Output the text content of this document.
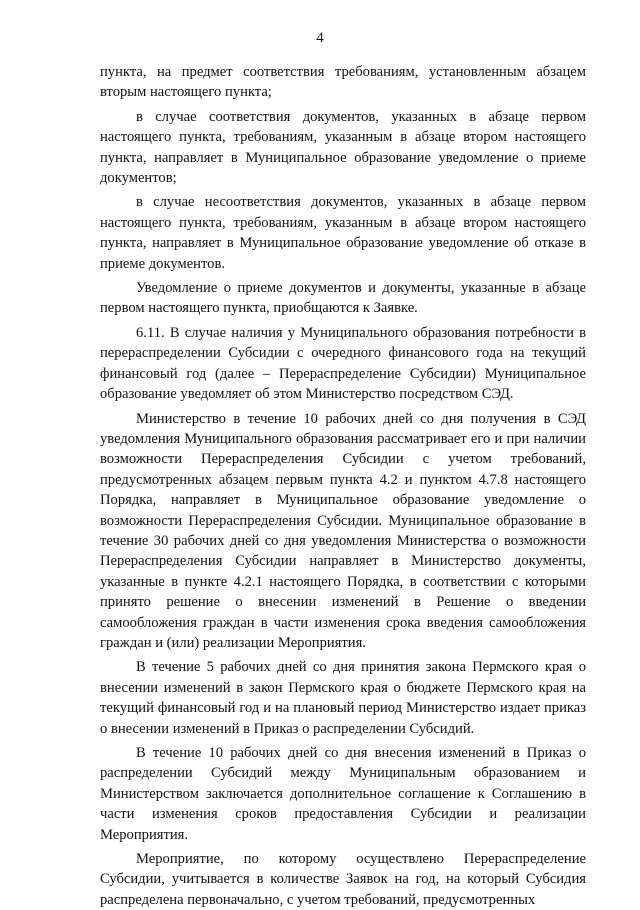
4

пункта, на предмет соответствия требованиям, установленным абзацем вторым настоящего пункта;

в случае соответствия документов, указанных в абзаце первом настоящего пункта, требованиям, указанным в абзаце втором настоящего пункта, направляет в Муниципальное образование уведомление о приеме документов;

в случае несоответствия документов, указанных в абзаце первом настоящего пункта, требованиям, указанным в абзаце втором настоящего пункта, направляет в Муниципальное образование уведомление об отказе в приеме документов.

Уведомление о приеме документов и документы, указанные в абзаце первом настоящего пункта, приобщаются к Заявке.

6.11. В случае наличия у Муниципального образования потребности в перераспределении Субсидии с очередного финансового года на текущий финансовый год (далее – Перераспределение Субсидии) Муниципальное образование уведомляет об этом Министерство посредством СЭД.

Министерство в течение 10 рабочих дней со дня получения в СЭД уведомления Муниципального образования рассматривает его и при наличии возможности Перераспределения Субсидии с учетом требований, предусмотренных абзацем первым пункта 4.2 и пунктом 4.7.8 настоящего Порядка, направляет в Муниципальное образование уведомление о возможности Перераспределения Субсидии. Муниципальное образование в течение 30 рабочих дней со дня уведомления Министерства о возможности Перераспределения Субсидии направляет в Министерство документы, указанные в пункте 4.2.1 настоящего Порядка, в соответствии с которыми принято решение о внесении изменений в Решение о введении самообложения граждан в части изменения срока введения самообложения граждан и (или) реализации Мероприятия.

В течение 5 рабочих дней со дня принятия закона Пермского края о внесении изменений в закон Пермского края о бюджете Пермского края на текущий финансовый год и на плановый период Министерство издает приказ о внесении изменений в Приказ о распределении Субсидий.

В течение 10 рабочих дней со дня внесения изменений в Приказ о распределении Субсидий между Муниципальным образованием и Министерством заключается дополнительное соглашение к Соглашению в части изменения сроков предоставления Субсидии и реализации Мероприятия.

Мероприятие, по которому осуществлено Перераспределение Субсидии, учитывается в количестве Заявок на год, на который Субсидия распределена первоначально, с учетом требований, предусмотренных
